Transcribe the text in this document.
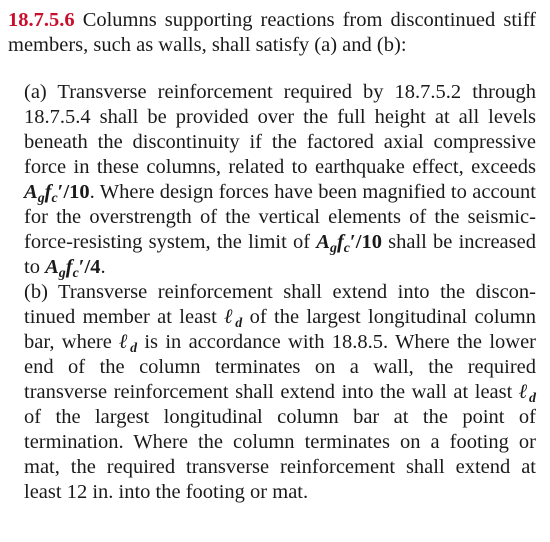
18.7.5.6 Columns supporting reactions from discontinued stiff members, such as walls, shall satisfy (a) and (b):

(a) Transverse reinforcement required by 18.7.5.2 through 18.7.5.4 shall be provided over the full height at all levels beneath the discontinuity if the factored axial compressive force in these columns, related to earthquake effect, exceeds $A_gf_c'/10$. Where design forces have been magnified to account for the overstrength of the vertical elements of the seismic-force-resisting system, the limit of $A_gf_c'/10$ shall be increased to $A_gf_c'/4$.

(b) Transverse reinforcement shall extend into the discontinued member at least ℓ$_d$ of the largest longitudinal column bar, where ℓ$_d$ is in accordance with 18.8.5. Where the lower end of the column terminates on a wall, the required transverse reinforcement shall extend into the wall at least ℓ$_d$ of the largest longitudinal column bar at the point of termination. Where the column terminates on a footing or mat, the required transverse reinforcement shall extend at least 12 in. into the footing or mat.
